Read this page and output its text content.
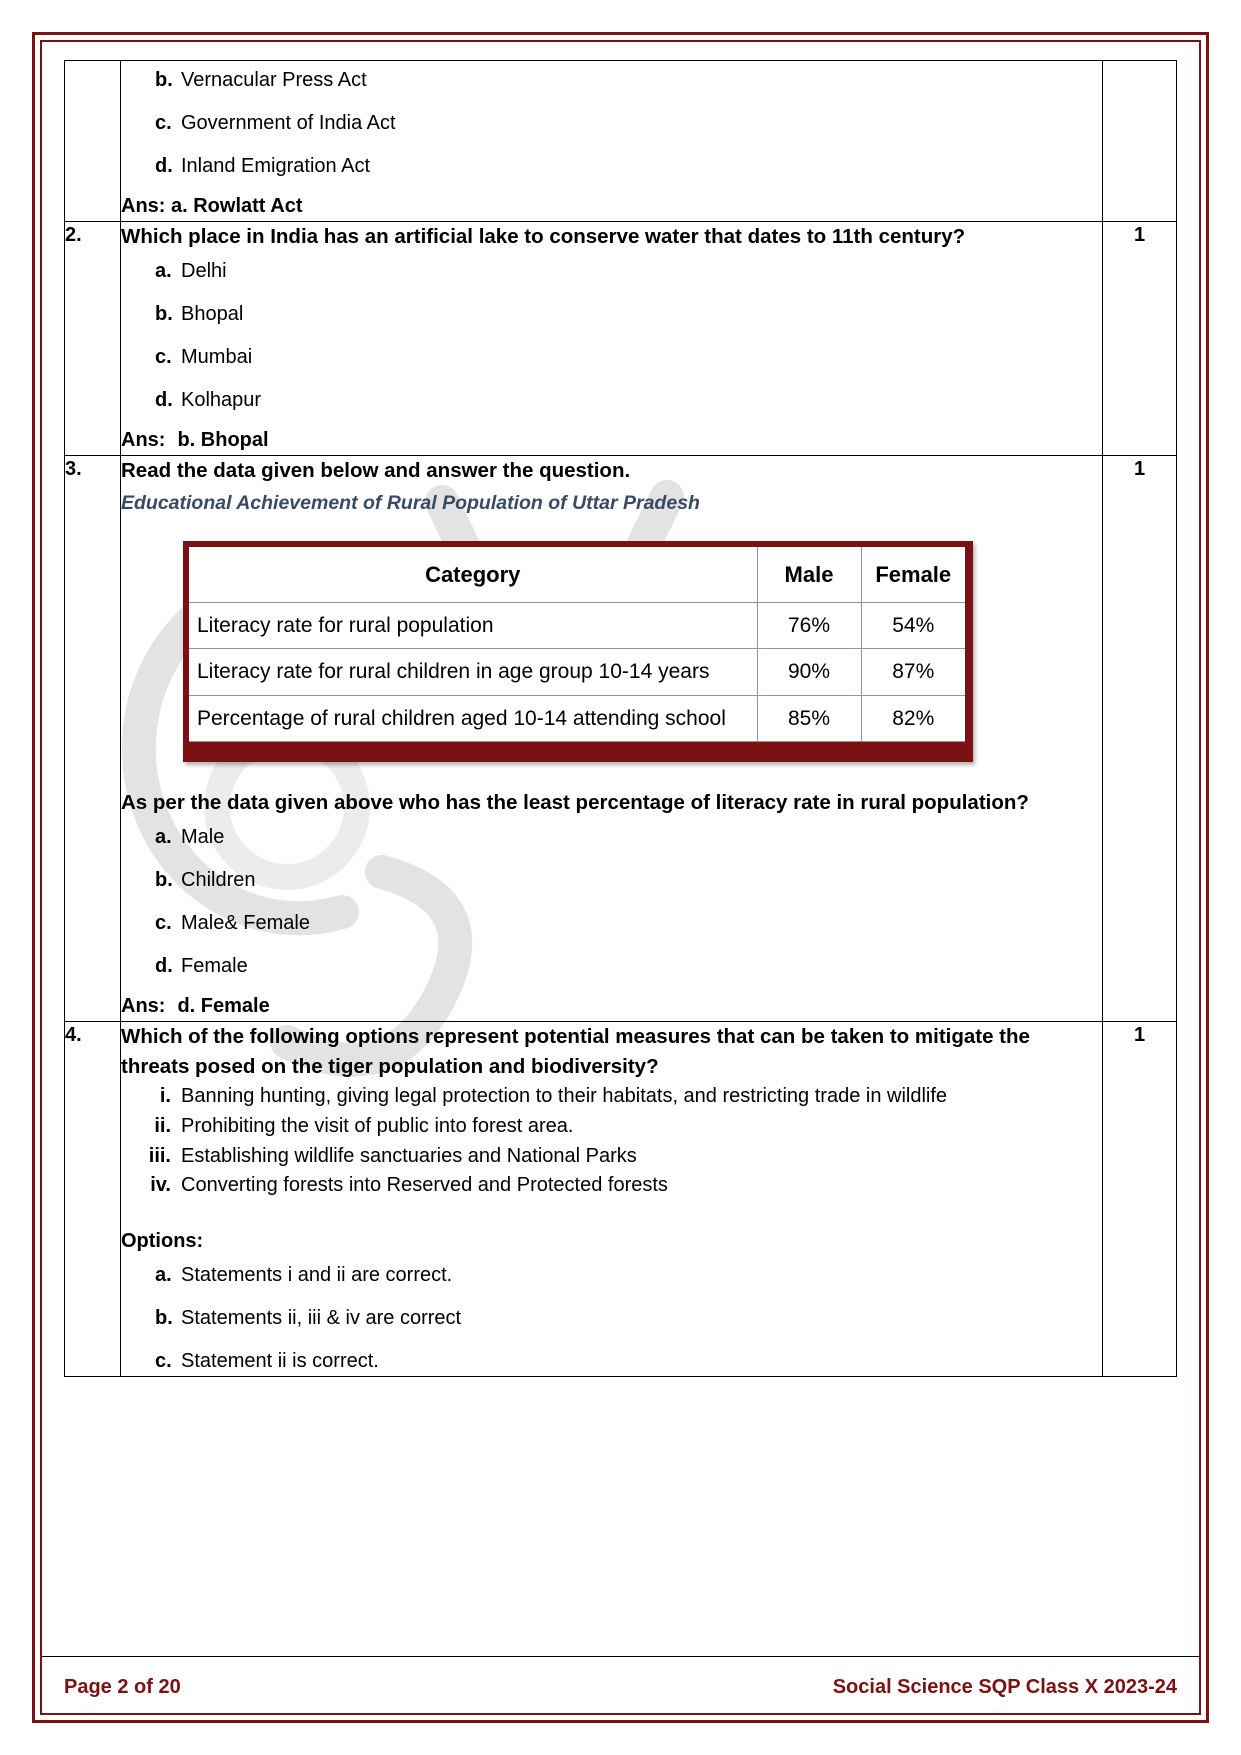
b. Vernacular Press Act
c. Government of India Act
d. Inland Emigration Act
Ans: a. Rowlatt Act

2.	Which place in India has an artificial lake to conserve water that dates to 11th century?

a. Delhi
b. Bhopal
c. Mumbai
d. Kolhapur
Ans: b. Bhopal
	1
3.	Read the data given below and answer the question.

Educational Achievement of Rural Population of Uttar Pradesh

Category	Male	Female
Literacy rate for rural population	76%	54%
Literacy rate for rural children in age group 10-14 years	90%	87%
Percentage of rural children aged 10-14 attending school	85%	82%

As per the data given above who has the least percentage of literacy rate in rural population?

a. Male
b. Children
c. Male& Female
d. Female
Ans: d. Female
	1
4.	Which of the following options represent potential measures that can be taken to mitigate the threats posed on the tiger population and biodiversity?

i. Banning hunting, giving legal protection to their habitats, and restricting trade in wildlife
ii. Prohibiting the visit of public into forest area.
iii. Establishing wildlife sanctuaries and National Parks
iv. Converting forests into Reserved and Protected forests
Options:
a. Statements i and ii are correct.
b. Statements ii, iii & iv are correct
c. Statement ii is correct.
	1
Page 2 of 20	Social Science SQP Class X 2023-24
